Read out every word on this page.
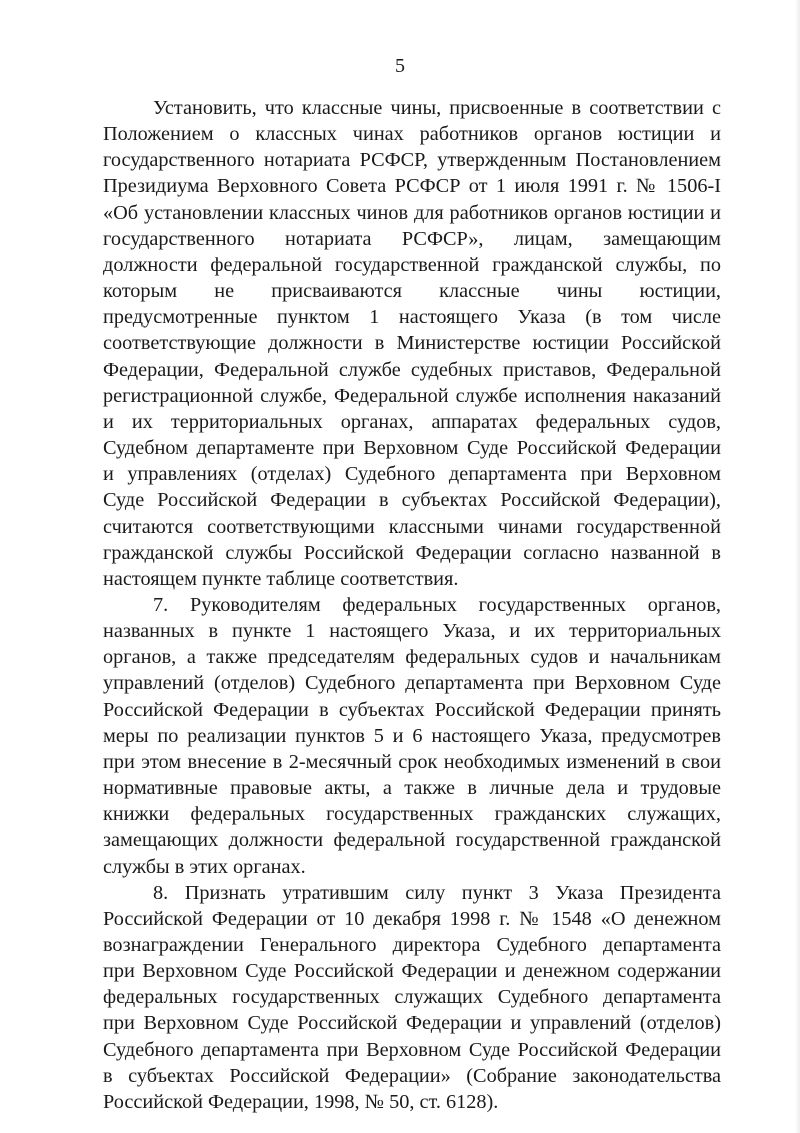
5
Установить, что классные чины, присвоенные в соответствии с
Положением о классных чинах работников органов юстиции и
государственного нотариата РСФСР, утвержденным Постановлением
Президиума Верховного Совета РСФСР от 1 июля 1991 г. № 1506-I
«Об установлении классных чинов для работников органов юстиции и
государственного нотариата РСФСР», лицам, замещающим
должности федеральной государственной гражданской службы, по
которым не присваиваются классные чины юстиции,
предусмотренные пунктом 1 настоящего Указа (в том числе
соответствующие должности в Министерстве юстиции Российской
Федерации, Федеральной службе судебных приставов, Федеральной
регистрационной службе, Федеральной службе исполнения наказаний
и их территориальных органах, аппаратах федеральных судов,
Судебном департаменте при Верховном Суде Российской Федерации
и управлениях (отделах) Судебного департамента при Верховном
Суде Российской Федерации в субъектах Российской Федерации),
считаются соответствующими классными чинами государственной
гражданской службы Российской Федерации согласно названной в
настоящем пункте таблице соответствия.
7. Руководителям федеральных государственных органов,
названных в пункте 1 настоящего Указа, и их территориальных
органов, а также председателям федеральных судов и начальникам
управлений (отделов) Судебного департамента при Верховном Суде
Российской Федерации в субъектах Российской Федерации принять
меры по реализации пунктов 5 и 6 настоящего Указа, предусмотрев
при этом внесение в 2-месячный срок необходимых изменений в свои
нормативные правовые акты, а также в личные дела и трудовые
книжки федеральных государственных гражданских служащих,
замещающих должности федеральной государственной гражданской
службы в этих органах.
8. Признать утратившим силу пункт 3 Указа Президента
Российской Федерации от 10 декабря 1998 г. № 1548 «О денежном
вознаграждении Генерального директора Судебного департамента
при Верховном Суде Российской Федерации и денежном содержании
федеральных государственных служащих Судебного департамента
при Верховном Суде Российской Федерации и управлений (отделов)
Судебного департамента при Верховном Суде Российской Федерации
в субъектах Российской Федерации» (Собрание законодательства
Российской Федерации, 1998, № 50, ст. 6128).
